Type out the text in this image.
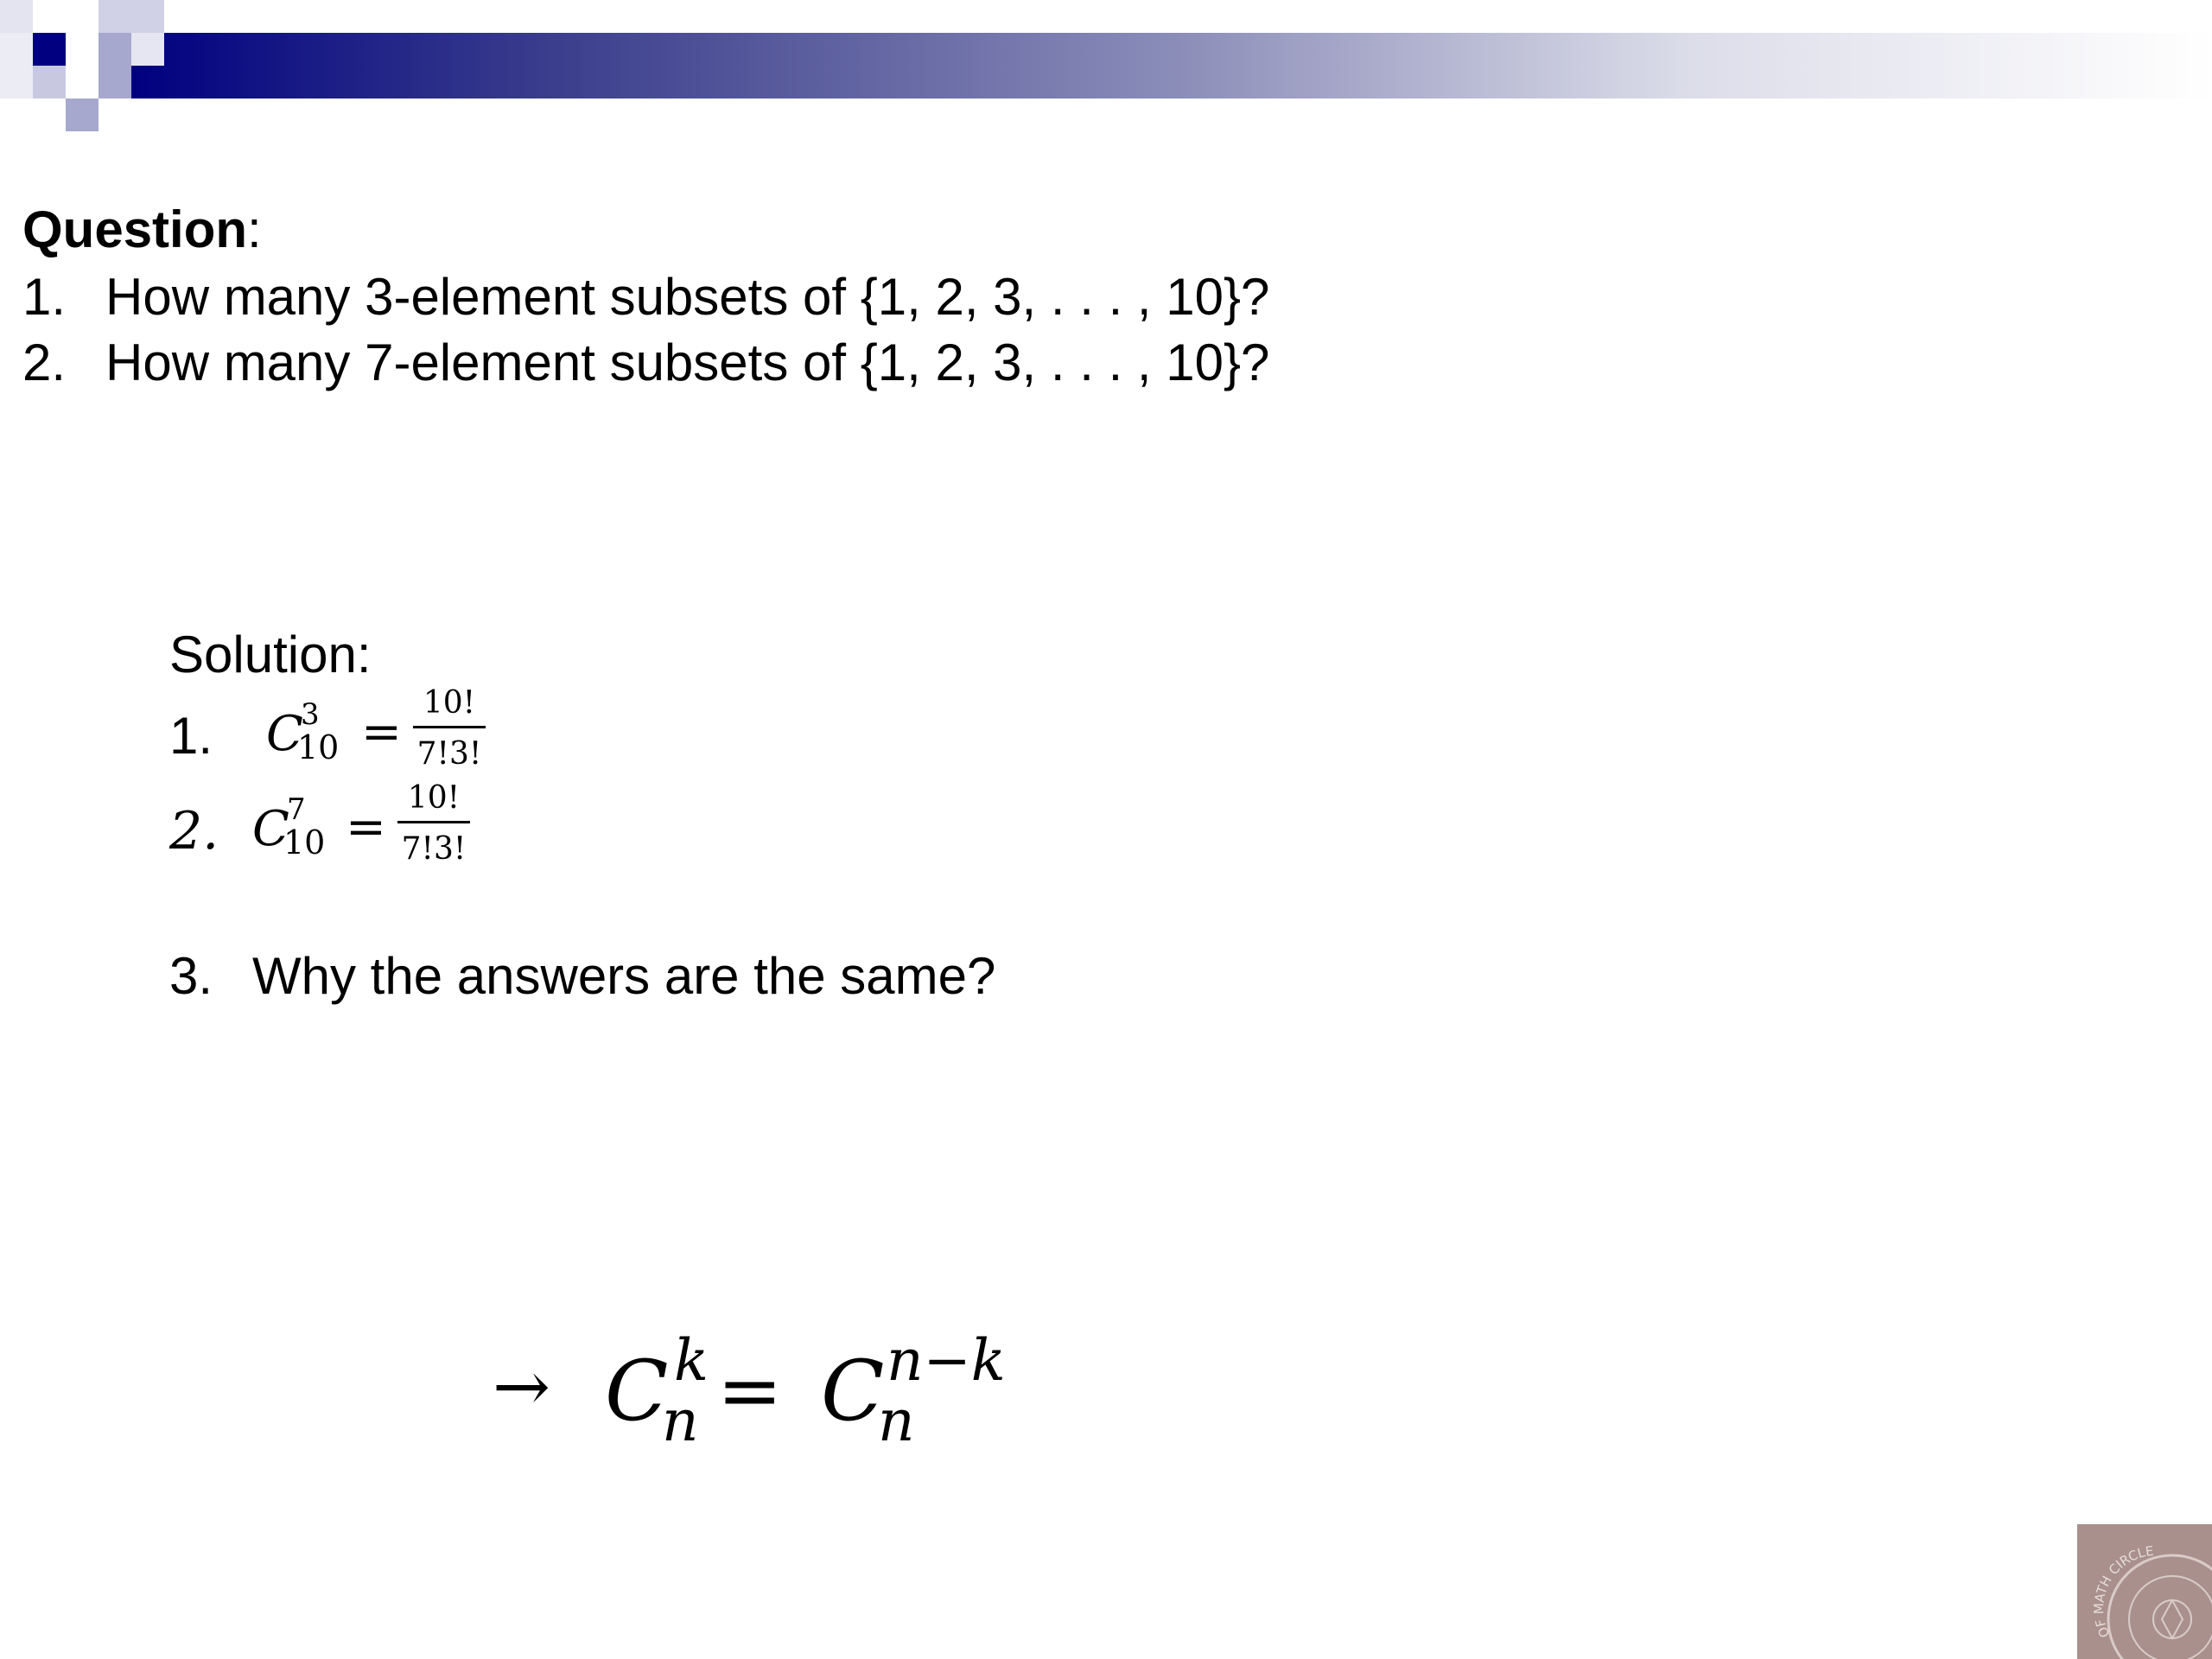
Question:
1. How many 3-element subsets of {1, 2, 3, . . . , 10}?
2. How many 7-element subsets of {1, 2, 3, . . . , 10}?
Solution:
1. C
3
10 =
10!
7!3!
2. C
7
10 =
10!
7!3!
3. Why the answers are the same?
→ C k
n = C n−k
n
OF MATH CIRCLE
